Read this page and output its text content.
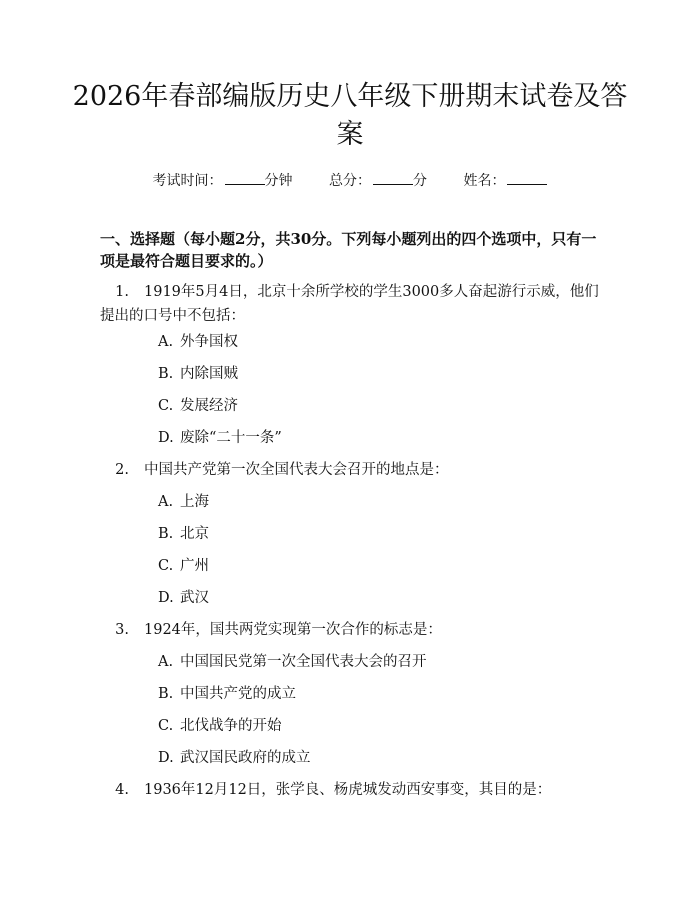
2026年春部编版历史八年级下册期末试卷及答案
考试时间：	分钟	总分：	分	姓名：
一、选择题（每小题2分，共30分。下列每小题列出的四个选项中，只有一项是最符合题目要求的。）
1. 1919年5月4日，北京十余所学校的学生3000多人奋起游行示威，他们提出的口号中不包括：
A. 外争国权
B. 内除国贼
C. 发展经济
D. 废除“二十一条”
2. 中国共产党第一次全国代表大会召开的地点是：
A. 上海
B. 北京
C. 广州
D. 武汉
3. 1924年，国共两党实现第一次合作的标志是：
A. 中国国民党第一次全国代表大会的召开
B. 中国共产党的成立
C. 北伐战争的开始
D. 武汉国民政府的成立
4. 1936年12月12日，张学良、杨虎城发动西安事变，其目的是：
